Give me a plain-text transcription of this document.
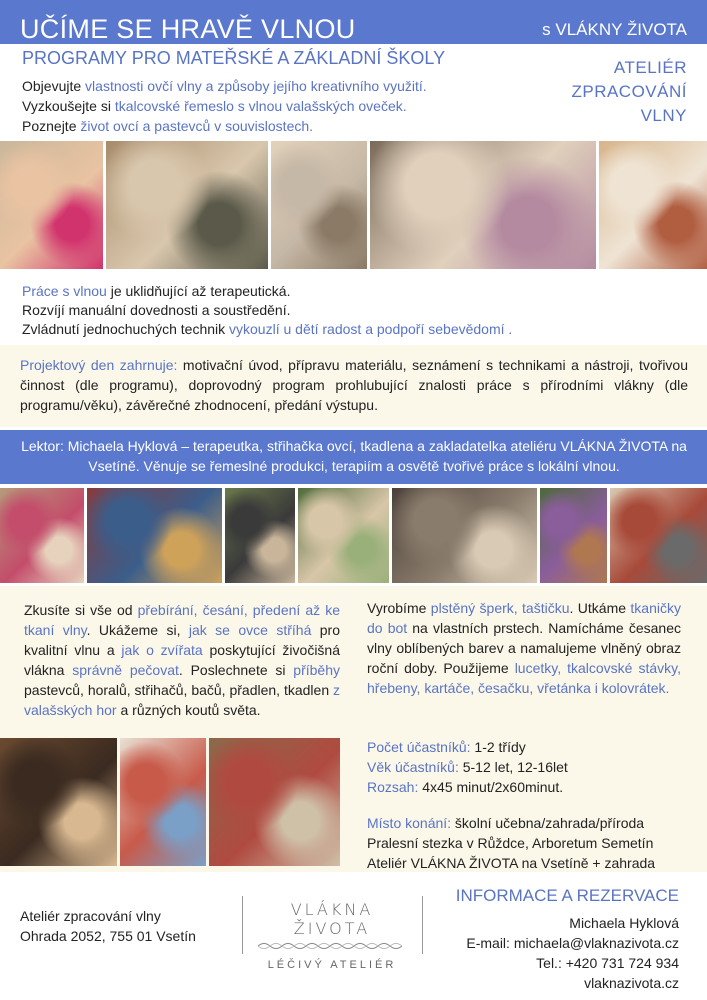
UČÍME SE HRAVĚ VLNOU	s VLÁKNY ŽIVOTA
PROGRAMY PRO MATEŘSKÉ A ZÁKLADNÍ ŠKOLY
Objevujte vlastnosti ovčí vlny a způsoby jejího kreativního využití.
Vyzkoušejte si tkalcovské řemeslo s vlnou valašských oveček.
Poznejte život ovcí a pastevců v souvislostech.
ATELIÉR
ZPRACOVÁNÍ
VLNY
Práce s vlnou je uklidňující až terapeutická.
Rozvíjí manuální dovednosti a soustředění.
Zvládnutí jednochuchých technik vykouzlí u dětí radost a podpoří sebevědomí .
Projektový den zahrnuje: motivační úvod, přípravu materiálu, seznámení s technikami a nástroji, tvořivou činnost (dle programu), doprovodný program prohlubující znalosti práce s přírodními vlákny (dle programu/věku), závěrečné zhodnocení, předání výstupu.
Lektor: Michaela Hyklová – terapeutka, střihačka ovcí, tkadlena a zakladatelka ateliéru VLÁKNA ŽIVOTA na Vsetíně. Věnuje se řemeslné produkci, terapiím a osvětě tvořivé práce s lokální vlnou.
Zkusíte si vše od přebírání, česání, předení až ke tkaní vlny. Ukážeme si, jak se ovce stříhá pro kvalitní vlnu a jak o zvířata poskytující živočišná vlákna správně pečovat. Poslechnete si příběhy pastevců, horalů, střihačů, bačů, přadlen, tkadlen z valašských hor a různých koutů světa.
Vyrobíme plstěný šperk, taštičku. Utkáme tkaničky do bot na vlastních prstech. Namícháme česanec vlny oblíbených barev a namalujeme vlněný obraz roční doby. Použijeme lucetky, tkalcovské stávky, hřebeny, kartáče, česačku, vřetánka i kolovrátek.
Počet účastníků: 1-2 třídy
Věk účastníků: 5-12 let, 12-16let
Rozsah: 4x45 minut/2x60minut.
Místo konání: školní učebna/zahrada/příroda
Pralesní stezka v Růždce, Arboretum Semetín
Ateliér VLÁKNA ŽIVOTA na Vsetíně + zahrada
Ateliér zpracování vlny
Ohrada 2052, 755 01 Vsetín
VLÁKNA ŽIVOTA
LÉČIVÝ ATELIÉR
INFORMACE A REZERVACE
Michaela Hyklová
E-mail: michaela@vlaknazivota.cz
Tel.: +420 731 724 934
vlaknazivota.cz
